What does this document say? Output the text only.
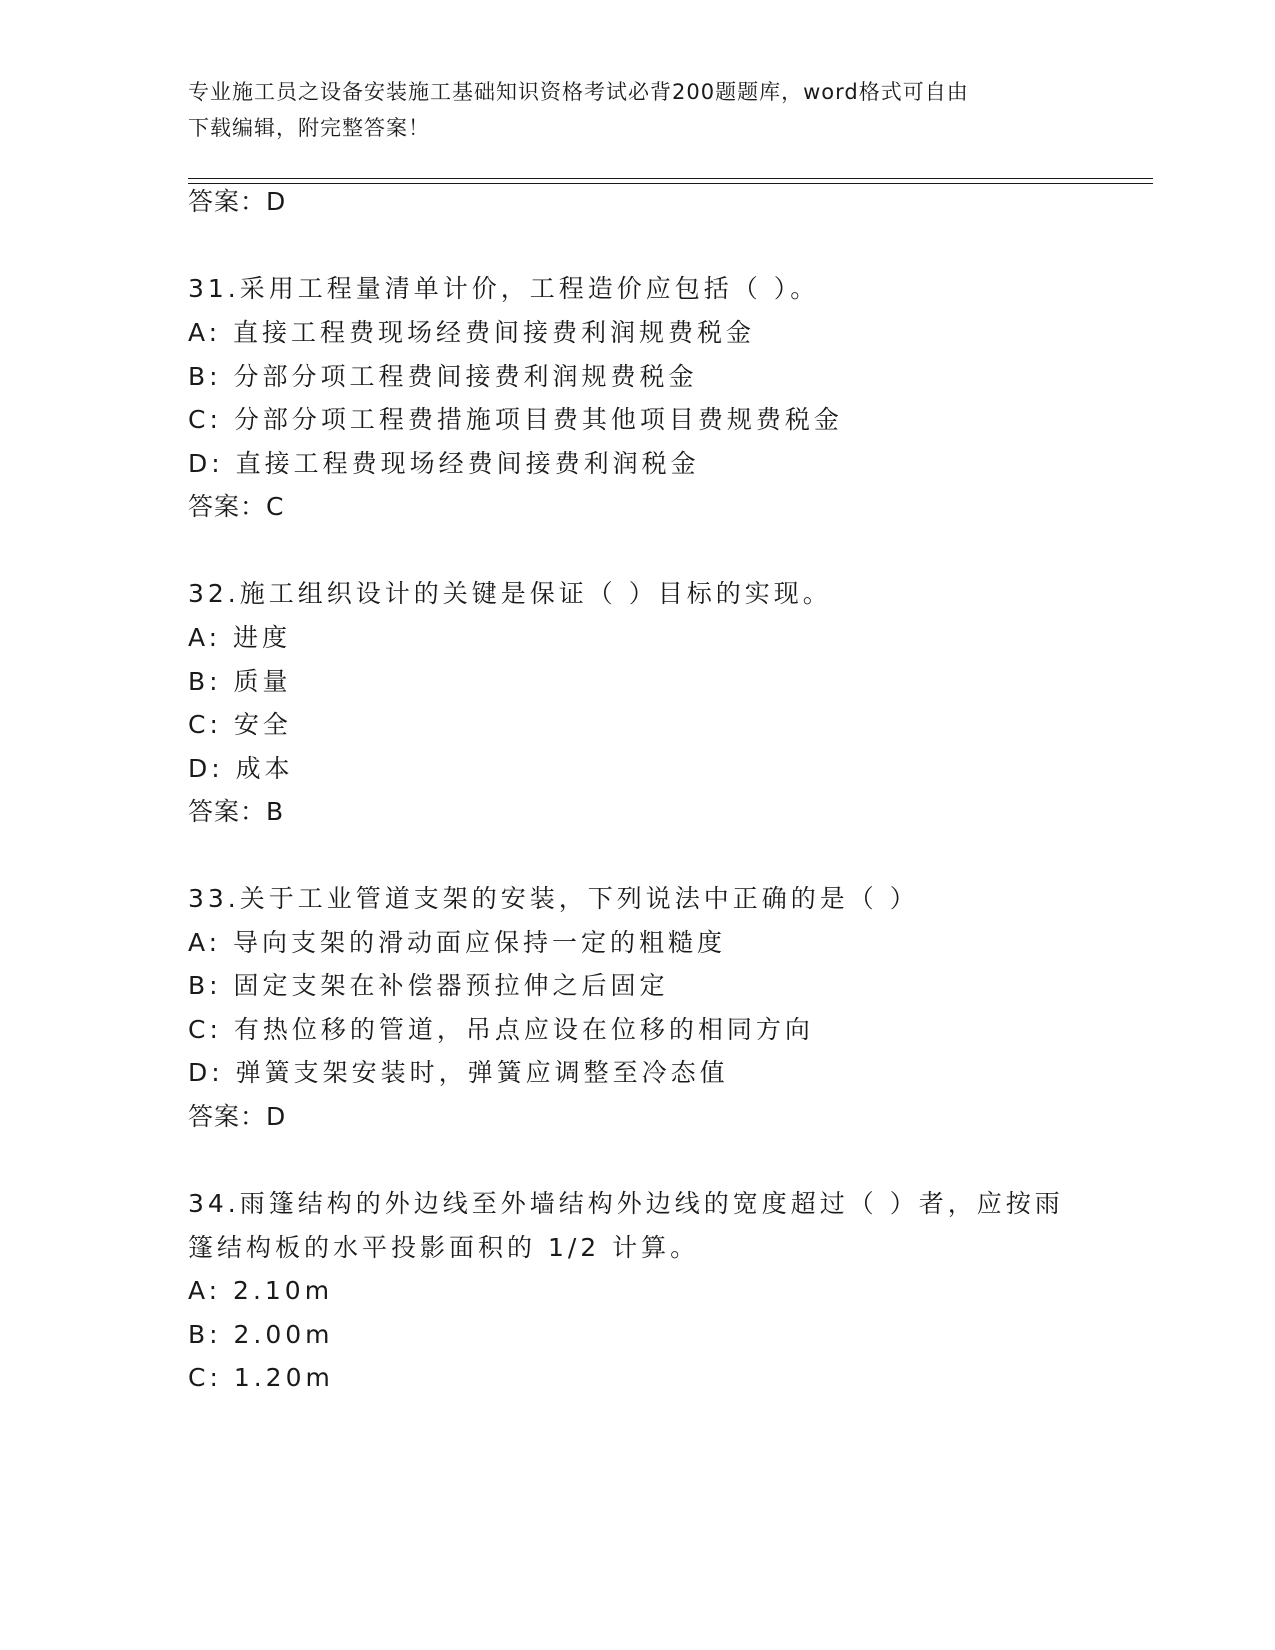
专业施工员之设备安装施工基础知识资格考试必背200题题库，word格式可自由
下载编辑，附完整答案！
答案：D
31.采用工程量清单计价，工程造价应包括（ ）。
A: 直接工程费现场经费间接费利润规费税金
B: 分部分项工程费间接费利润规费税金
C: 分部分项工程费措施项目费其他项目费规费税金
D: 直接工程费现场经费间接费利润税金
答案：C
32.施工组织设计的关键是保证（ ）目标的实现。
A: 进度
B: 质量
C: 安全
D: 成本
答案：B
33.关于工业管道支架的安装，下列说法中正确的是（ ）
A: 导向支架的滑动面应保持一定的粗糙度
B: 固定支架在补偿器预拉伸之后固定
C: 有热位移的管道，吊点应设在位移的相同方向
D: 弹簧支架安装时，弹簧应调整至冷态值
答案：D
34.雨篷结构的外边线至外墙结构外边线的宽度超过（ ）者，应按雨
篷结构板的水平投影面积的 1/2 计算。
A: 2.10m
B: 2.00m
C: 1.20m
